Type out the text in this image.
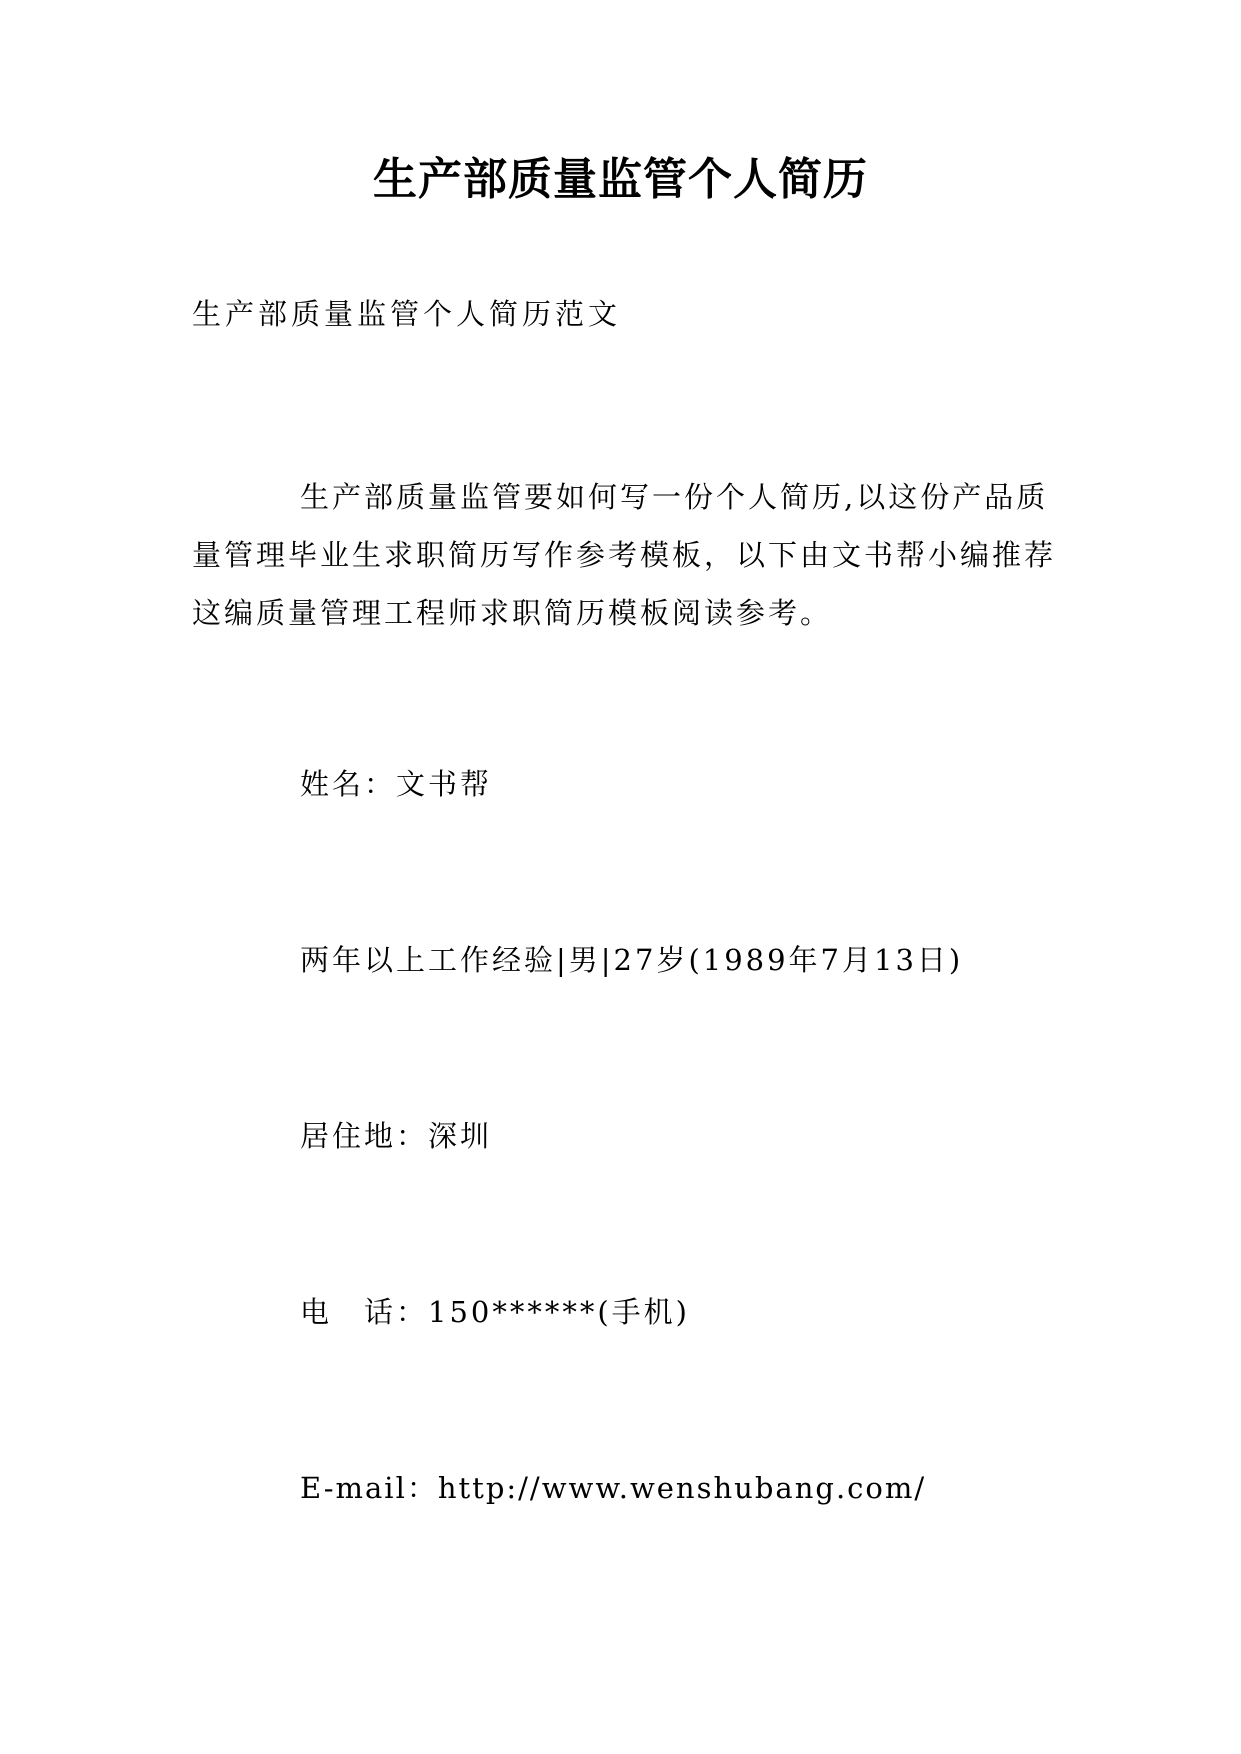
生产部质量监管个人简历
生产部质量监管个人简历范文

生产部质量监管要如何写一份个人简历,以这份产品质量管理毕业生求职简历写作参考模板，以下由文书帮小编推荐这编质量管理工程师求职简历模板阅读参考。

姓名：文书帮
两年以上工作经验|男|27岁(1989年7月13日)
居住地：深圳
电　话：150******(手机)
E-mail：http://www.wenshubang.com/
